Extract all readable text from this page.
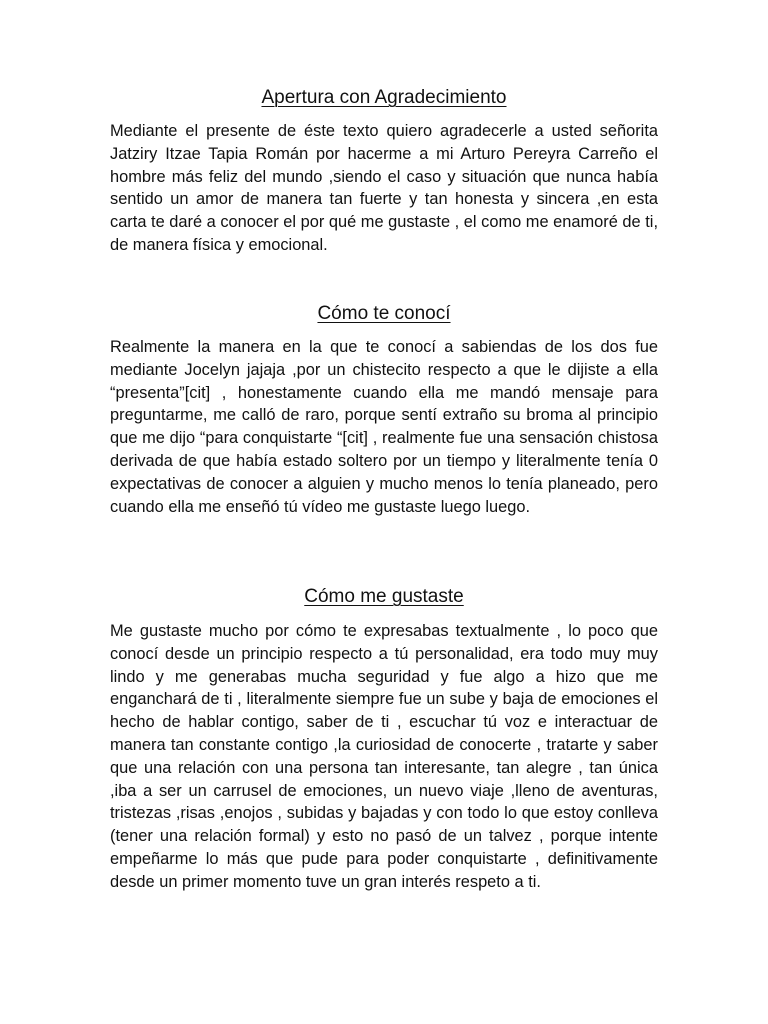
Apertura con Agradecimiento

Mediante el presente de éste texto quiero agradecerle a usted señorita Jatziry Itzae Tapia Román por hacerme a mi Arturo Pereyra Carreño el hombre más feliz del mundo ,siendo el caso y situación que nunca había sentido un amor de manera tan fuerte y tan honesta y sincera ,en esta carta te daré a conocer el por qué me gustaste , el como me enamoré de ti, de manera física y emocional.

Cómo te conocí

Realmente la manera en la que te conocí a sabiendas de los dos fue mediante Jocelyn jajaja ,por un chistecito respecto a que le dijiste a ella “presenta”[cit] , honestamente cuando ella me mandó mensaje para preguntarme, me calló de raro, porque sentí extraño su broma al principio que me dijo “para conquistarte “[cit] , realmente fue una sensación chistosa derivada de que había estado soltero por un tiempo y literalmente tenía 0 expectativas de conocer a alguien y mucho menos lo tenía planeado, pero cuando ella me enseñó tú vídeo me gustaste luego luego.

Cómo me gustaste

Me gustaste mucho por cómo te expresabas textualmente , lo poco que conocí desde un principio respecto a tú personalidad, era todo muy muy lindo y me generabas mucha seguridad y fue algo a hizo que me enganchará de ti , literalmente siempre fue un sube y baja de emociones el hecho de hablar contigo, saber de ti , escuchar tú voz e interactuar de manera tan constante contigo ,la curiosidad de conocerte , tratarte y saber que una relación con una persona tan interesante, tan alegre , tan única ,iba a ser un carrusel de emociones, un nuevo viaje ,lleno de aventuras, tristezas ,risas ,enojos , subidas y bajadas y con todo lo que estoy conlleva (tener una relación formal) y esto no pasó de un talvez , porque intente empeñarme lo más que pude para poder conquistarte , definitivamente desde un primer momento tuve un gran interés respeto a ti.
